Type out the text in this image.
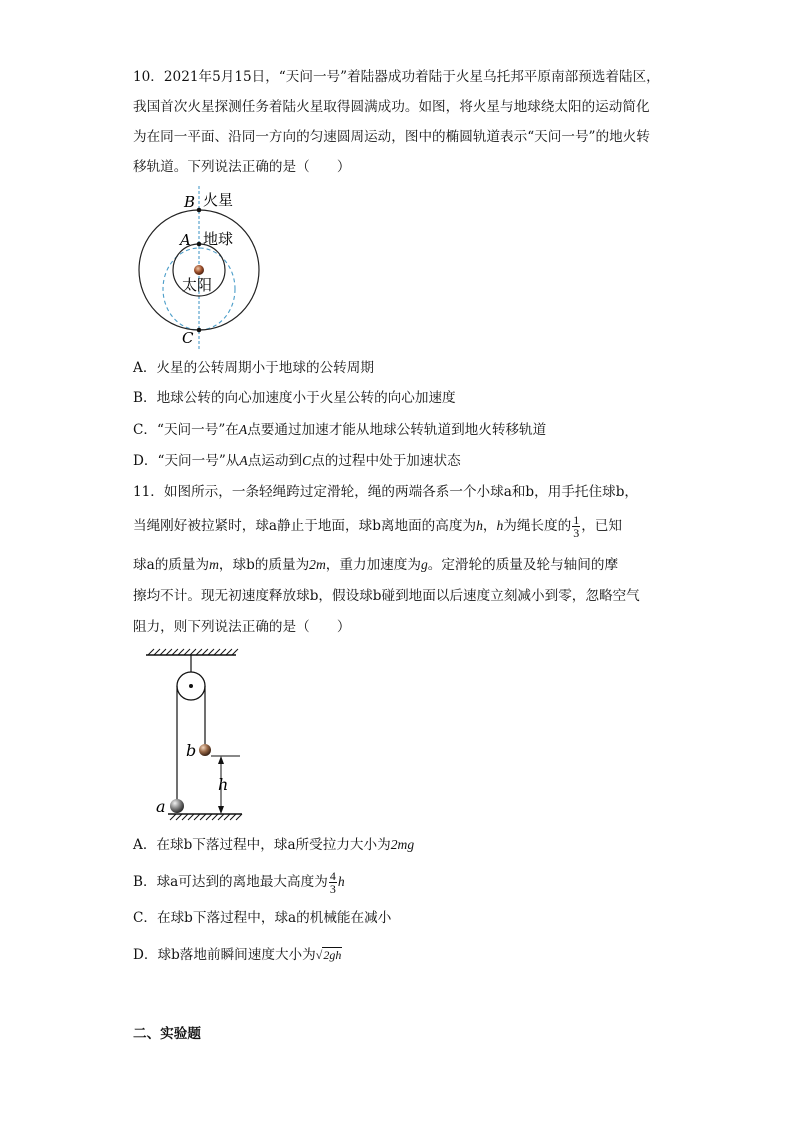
10．2021年5月15日，“天问一号”着陆器成功着陆于火星乌托邦平原南部预选着陆区，
我国首次火星探测任务着陆火星取得圆满成功。如图，将火星与地球绕太阳的运动简化
为在同一平面、沿同一方向的匀速圆周运动，图中的椭圆轨道表示“天问一号”的地火转
移轨道。下列说法正确的是（　　）
B 火星
A 地球
太阳
C
A．火星的公转周期小于地球的公转周期
B．地球公转的向心加速度小于火星公转的向心加速度
C．“天问一号”在A点要通过加速才能从地球公转轨道到地火转移轨道
D．“天问一号”从A点运动到C点的过程中处于加速状态
11．如图所示，一条轻绳跨过定滑轮，绳的两端各系一个小球a和b，用手托住球b，
当绳刚好被拉紧时，球a静止于地面，球b离地面的高度为h，h为绳长度的 $\frac{1}{3}$ ，已知
球a的质量为m，球b的质量为2m，重力加速度为g。定滑轮的质量及轮与轴间的摩
擦均不计。现无初速度释放球b，假设球b碰到地面以后速度立刻减小到零，忽略空气
阻力，则下列说法正确的是（　　）
b
a
h
A．在球b下落过程中，球a所受拉力大小为2mg
B．球a可达到的离地最大高度为 $\frac{4}{3}$ h
C．在球b下落过程中，球a的机械能在减小
D．球b落地前瞬间速度大小为√2gh
二、实验题
